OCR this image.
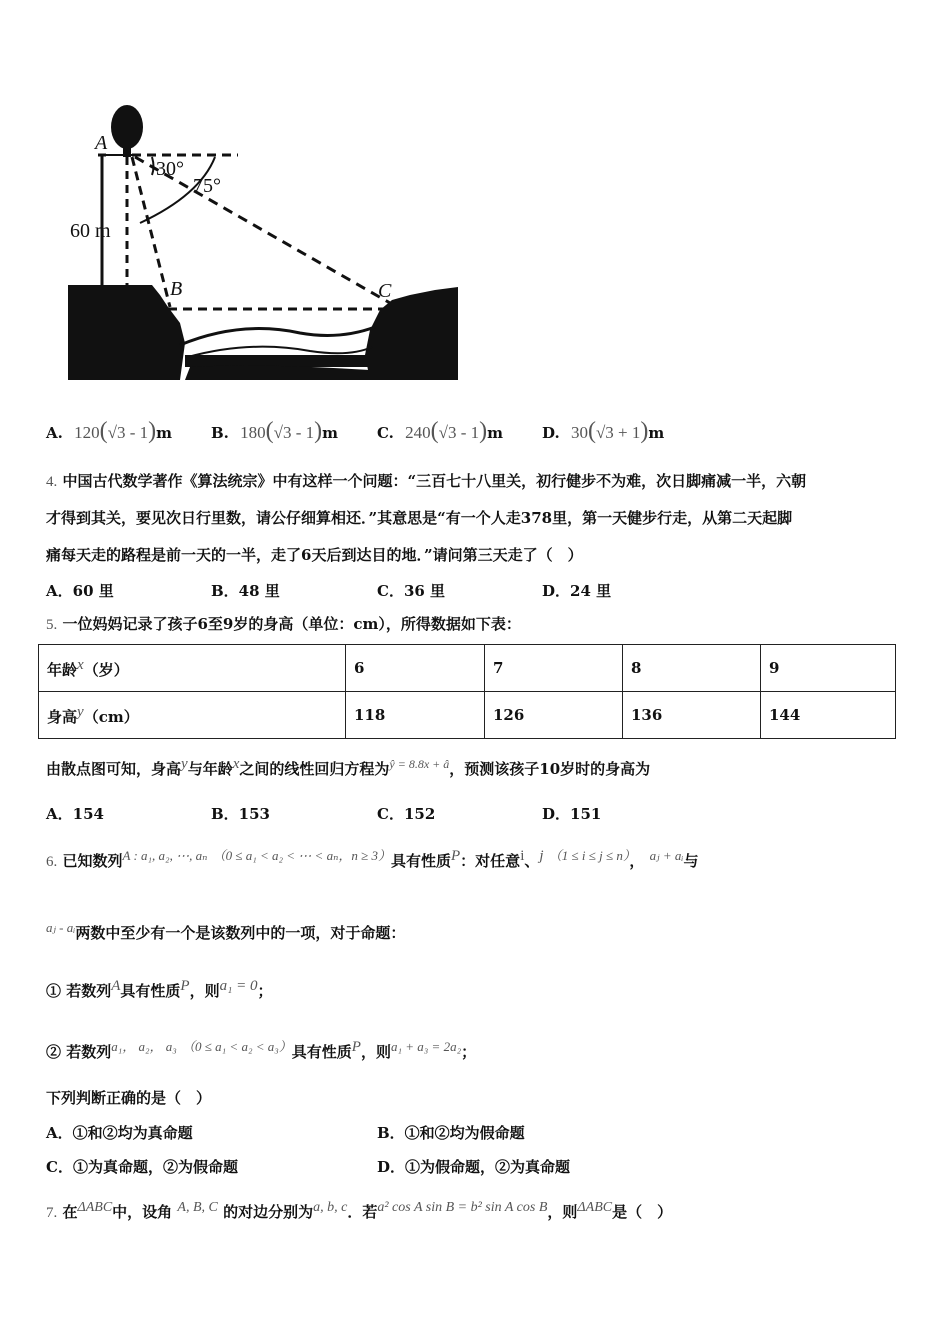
A
B	C
30°
75°
60 m
A. 120(√3 - 1)m	B. 180(√3 - 1)m	C. 240(√3 - 1)m	D. 30(√3 + 1)m
4. 中国古代数学著作《算法统宗》中有这样一个问题：“三百七十八里关，初行健步不为难，次日脚痛减一半，六朝
才得到其关，要见次日行里数，请公仔细算相还．”其意思是“有一个人走378里，第一天健步行走，从第二天起脚
痛每天走的路程是前一天的一半，走了6天后到达目的地．”请问第三天走了（　）
A．60 里	B．48 里	C．36 里	D．24 里
5. 一位妈妈记录了孩子6至9岁的身高（单位：cm），所得数据如下表：
年龄$^x$（岁）	6	7	8	9
身高$^y$（cm）	118	126	136	144
由散点图可知，身高$^y$与年龄$^x$之间的线性回归方程为$^{ŷ = 8.8x + â}$，预测该孩子10岁时的身高为
A．154	B．153	C．152	D．151
6. 已知数列$^{A : a_1, a_2, \cdots, a_n}$ $^{(0 \le a_1 < a_2 < \cdots < a_n,n \ge 3)}$具有性质$^P$：对任意$^i$、$^j$ $^{(1 \le i \le j \le n)}$， $^{aⱼ + aᵢ}$与
$^{aⱼ - aᵢ}$两数中至少有一个是该数列中的一项，对于命题：
① 若数列$^A$具有性质$^P$，则$^{a_1 = 0}$；
② 若数列$^{a_1, a_2, a_3}$ $^{(0 \le a_1 < a_2 < a_3)}$具有性质$^P$，则$^{a_1 + a_3 = 2a_2}$；
下列判断正确的是（　）
A．①和②均为真命题	B．①和②均为假命题
C．①为真命题，②为假命题	D．①为假命题，②为真命题
7. 在$^{\Delta ABC}$中，设角 $^{A, B, C}$ 的对边分别为$^{a, b, c}$．若$^{a^2 cos A sin B = b^2 sin A cos B}$，则$^{\Delta ABC}$是（　）
